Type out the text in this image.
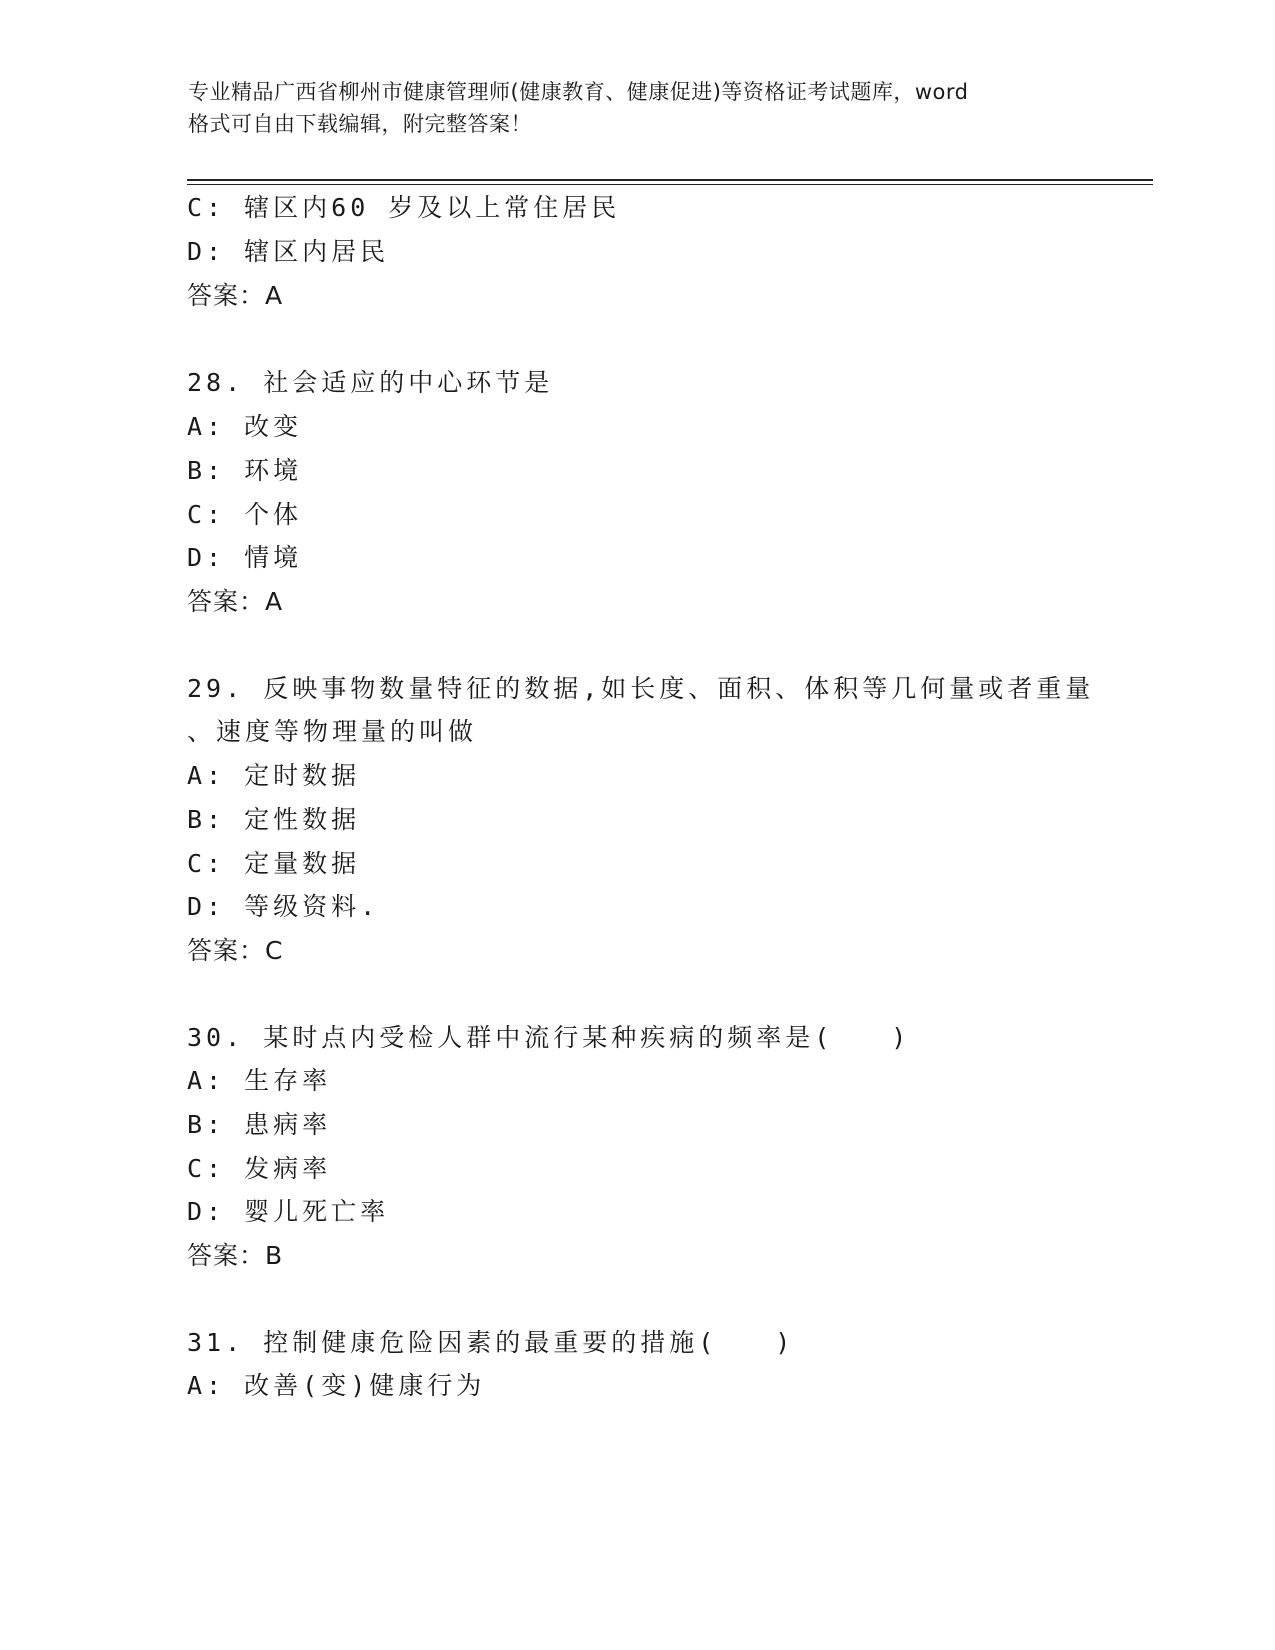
专业精品广西省柳州市健康管理师(健康教育、健康促进)等资格证考试题库，word
格式可自由下载编辑，附完整答案！
C: 辖区内60 岁及以上常住居民
D: 辖区内居民
答案：A
28. 社会适应的中心环节是
A: 改变
B: 环境
C: 个体
D: 情境
答案：A
29. 反映事物数量特征的数据,如长度、面积、体积等几何量或者重量
、速度等物理量的叫做
A: 定时数据
B: 定性数据
C: 定量数据
D: 等级资料.
答案：C
30. 某时点内受检人群中流行某种疾病的频率是(　　)
A: 生存率
B: 患病率
C: 发病率
D: 婴儿死亡率
答案：B
31. 控制健康危险因素的最重要的措施(　　)
A: 改善(变)健康行为
